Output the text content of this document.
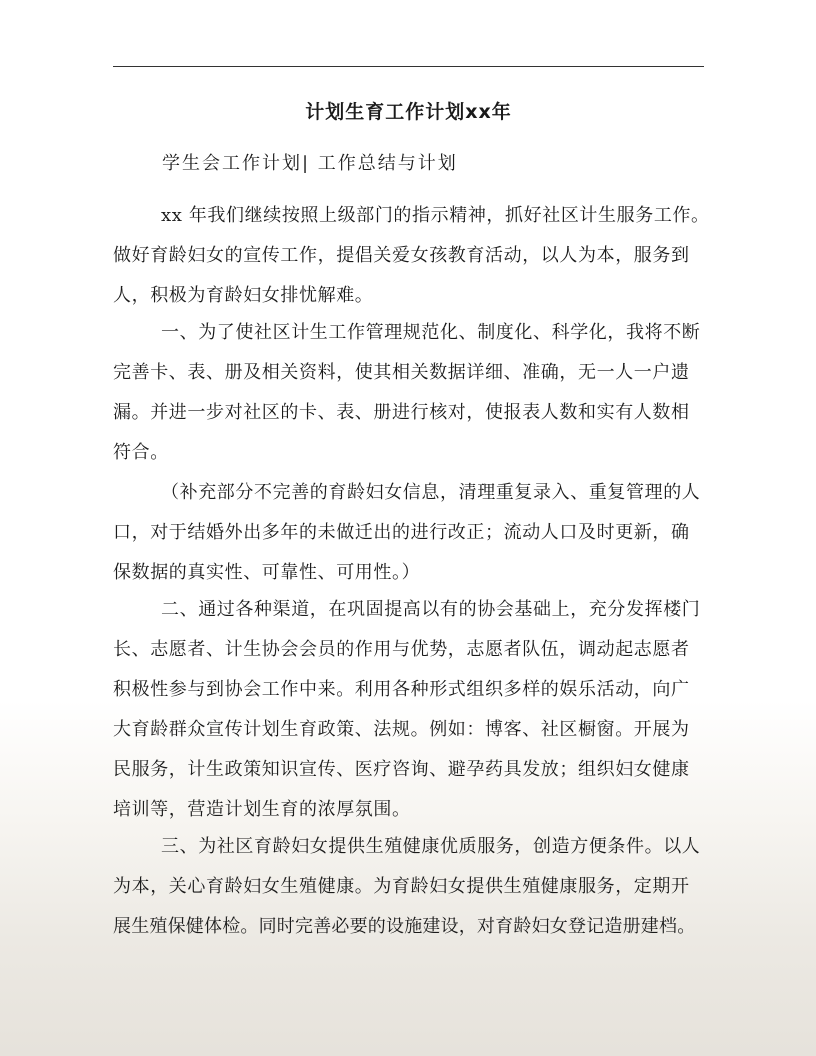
计划生育工作计划xx年
学生会工作计划| 工作总结与计划
xx 年我们继续按照上级部门的指示精神，抓好社区计生服务工作。
做好育龄妇女的宣传工作，提倡关爱女孩教育活动，以人为本，服务到
人，积极为育龄妇女排忧解难。
一、为了使社区计生工作管理规范化、制度化、科学化，我将不断
完善卡、表、册及相关资料，使其相关数据详细、准确，无一人一户遗
漏。并进一步对社区的卡、表、册进行核对，使报表人数和实有人数相
符合。
（补充部分不完善的育龄妇女信息，清理重复录入、重复管理的人
口，对于结婚外出多年的未做迁出的进行改正；流动人口及时更新，确
保数据的真实性、可靠性、可用性。）
二、通过各种渠道，在巩固提高以有的协会基础上，充分发挥楼门
长、志愿者、计生协会会员的作用与优势，志愿者队伍，调动起志愿者
积极性参与到协会工作中来。利用各种形式组织多样的娱乐活动，向广
大育龄群众宣传计划生育政策、法规。例如：博客、社区橱窗。开展为
民服务，计生政策知识宣传、医疗咨询、避孕药具发放；组织妇女健康
培训等，营造计划生育的浓厚氛围。
三、为社区育龄妇女提供生殖健康优质服务，创造方便条件。以人
为本，关心育龄妇女生殖健康。为育龄妇女提供生殖健康服务，定期开
展生殖保健体检。同时完善必要的设施建设，对育龄妇女登记造册建档。
